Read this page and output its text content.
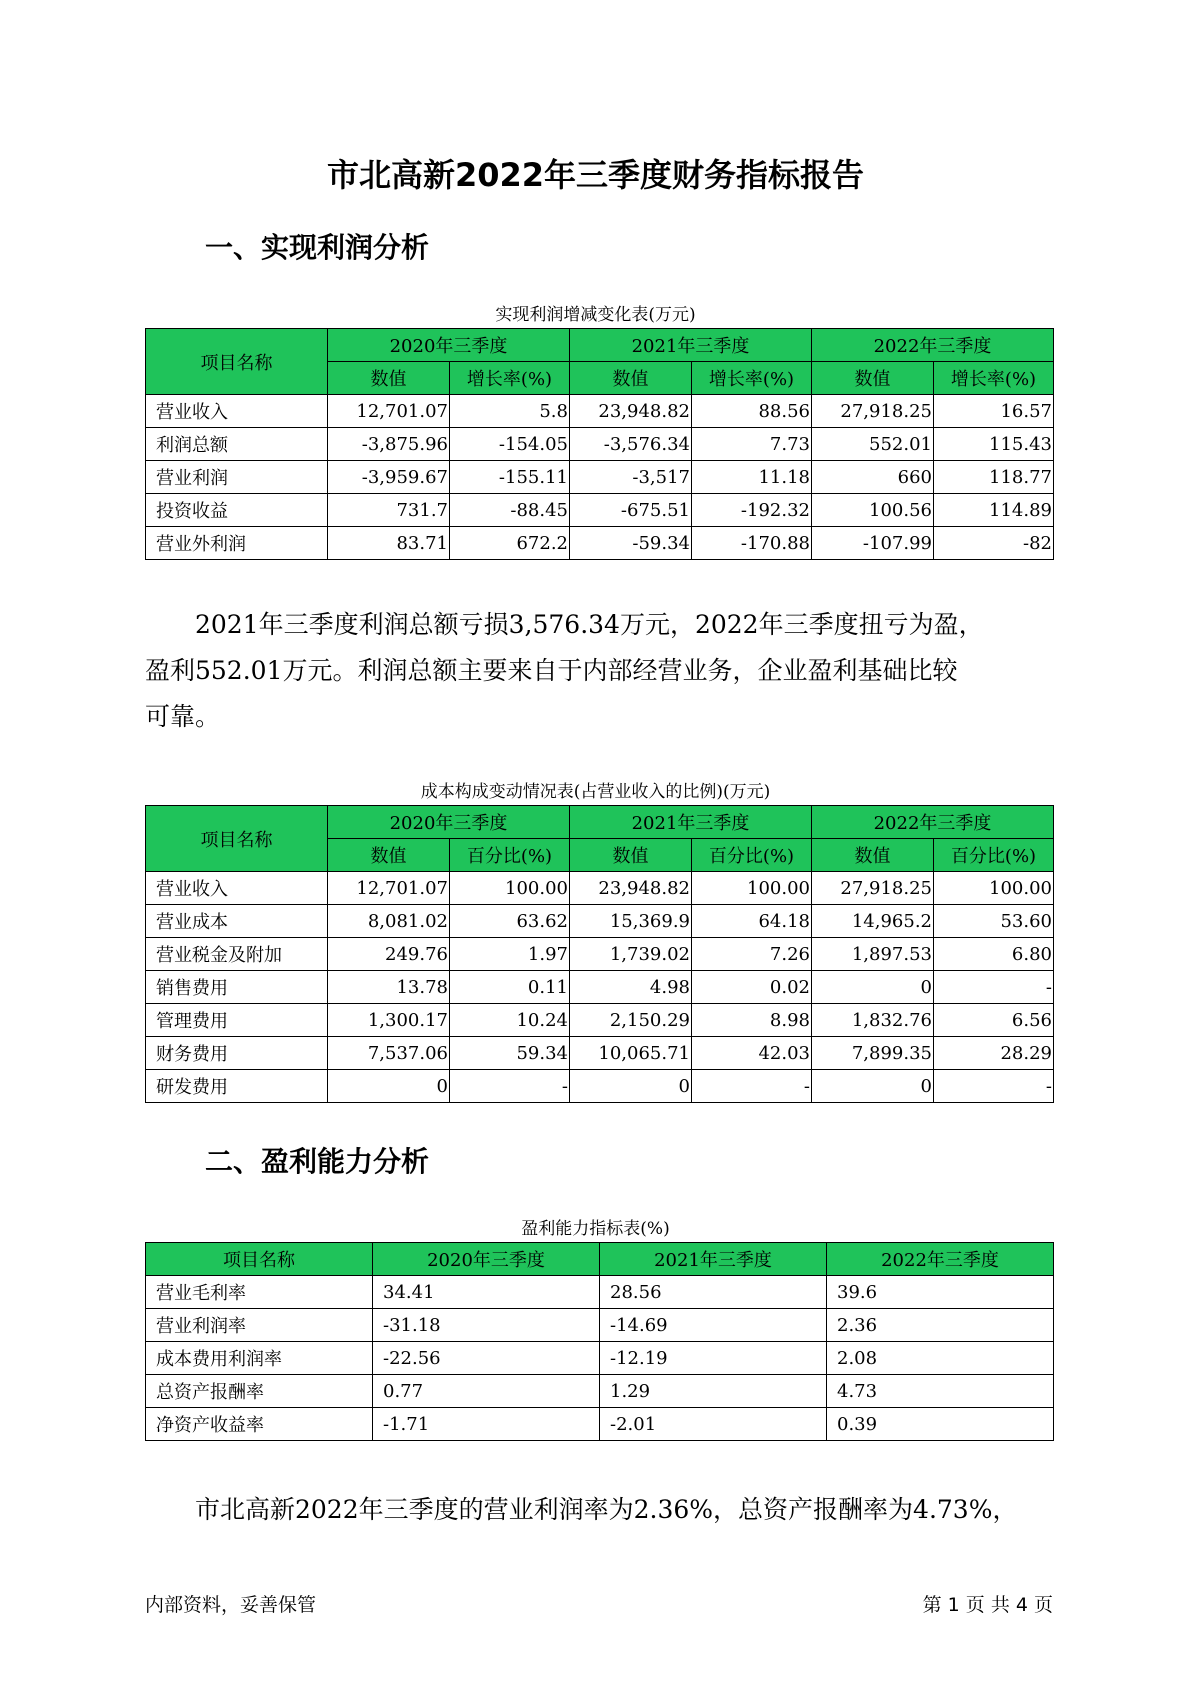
市北高新2022年三季度财务指标报告
一、实现利润分析
实现利润增减变化表(万元)
项目名称	2020年三季度		2021年三季度		2022年三季度	
	数值	增长率(%)	数值	增长率(%)	数值	增长率(%)
营业收入	12,701.07	5.8	23,948.82	88.56	27,918.25	16.57
利润总额	-3,875.96	-154.05	-3,576.34	7.73	552.01	115.43
营业利润	-3,959.67	-155.11	-3,517	11.18	660	118.77
投资收益	731.7	-88.45	-675.51	-192.32	100.56	114.89
营业外利润	83.71	672.2	-59.34	-170.88	-107.99	-82
2021年三季度利润总额亏损3,576.34万元，2022年三季度扭亏为盈，
盈利552.01万元。利润总额主要来自于内部经营业务，企业盈利基础比较
可靠。
成本构成变动情况表(占营业收入的比例)(万元)
项目名称	2020年三季度		2021年三季度		2022年三季度	
	数值	百分比(%)	数值	百分比(%)	数值	百分比(%)
营业收入	12,701.07	100.00	23,948.82	100.00	27,918.25	100.00
营业成本	8,081.02	63.62	15,369.9	64.18	14,965.2	53.60
营业税金及附加	249.76	1.97	1,739.02	7.26	1,897.53	6.80
销售费用	13.78	0.11	4.98	0.02	0	-
管理费用	1,300.17	10.24	2,150.29	8.98	1,832.76	6.56
财务费用	7,537.06	59.34	10,065.71	42.03	7,899.35	28.29
研发费用	0	-	0	-	0	-
二、盈利能力分析
盈利能力指标表(%)
项目名称	2020年三季度	2021年三季度	2022年三季度
营业毛利率	34.41	28.56	39.6
营业利润率	-31.18	-14.69	2.36
成本费用利润率	-22.56	-12.19	2.08
总资产报酬率	0.77	1.29	4.73
净资产收益率	-1.71	-2.01	0.39
市北高新2022年三季度的营业利润率为2.36%，总资产报酬率为4.73%，
内部资料，妥善保管	第 1 页 共 4 页
